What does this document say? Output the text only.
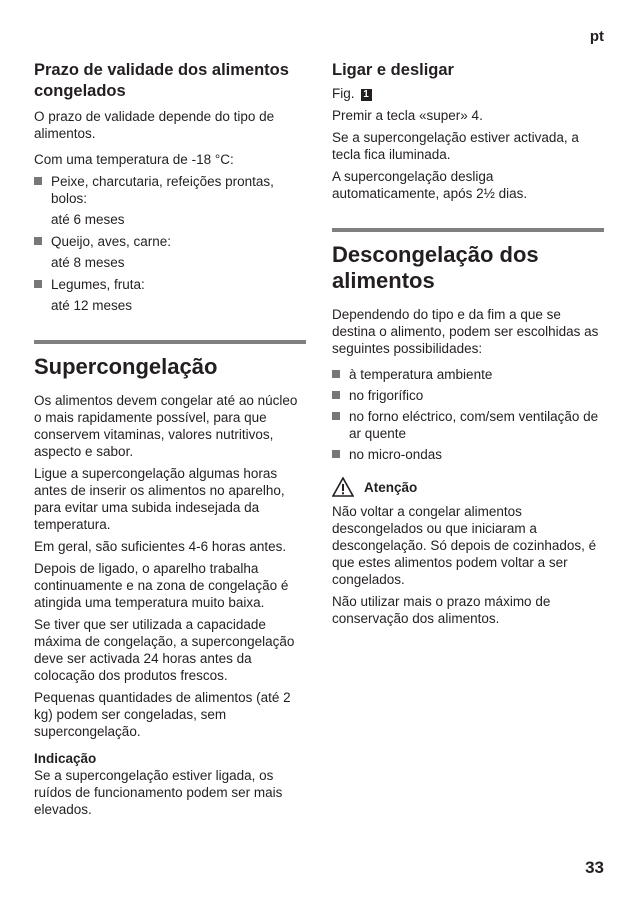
pt
Prazo de validade dos alimentos congelados

O prazo de validade depende do tipo de alimentos.

Com uma temperatura de -18 °C:

Peixe, charcutaria, refeições prontas, bolos:
até 6 meses
Queijo, aves, carne:
até 8 meses
Legumes, fruta:
até 12 meses
Supercongelação

Os alimentos devem congelar até ao núcleo o mais rapidamente possível, para que conservem vitaminas, valores nutritivos, aspecto e sabor.

Ligue a supercongelação algumas horas antes de inserir os alimentos no aparelho, para evitar uma subida indesejada da temperatura.

Em geral, são suficientes 4-6 horas antes.

Depois de ligado, o aparelho trabalha continuamente e na zona de congelação é atingida uma temperatura muito baixa.

Se tiver que ser utilizada a capacidade máxima de congelação, a supercongelação deve ser activada 24 horas antes da colocação dos produtos frescos.

Pequenas quantidades de alimentos (até 2 kg) podem ser congeladas, sem supercongelação.

Indicação

Se a supercongelação estiver ligada, os ruídos de funcionamento podem ser mais elevados.

Ligar e desligar

Fig. 1

Premir a tecla «super» 4.

Se a supercongelação estiver activada, a tecla fica iluminada.

A supercongelação desliga automaticamente, após 2½ dias.

Descongelação dos alimentos

Dependendo do tipo e da fim a que se destina o alimento, podem ser escolhidas as seguintes possibilidades:

à temperatura ambiente
no frigorífico
no forno eléctrico, com/sem ventilação de ar quente
no micro-ondas
Atenção

Não voltar a congelar alimentos descongelados ou que iniciaram a descongelação. Só depois de cozinhados, é que estes alimentos podem voltar a ser congelados.

Não utilizar mais o prazo máximo de conservação dos alimentos.

33
